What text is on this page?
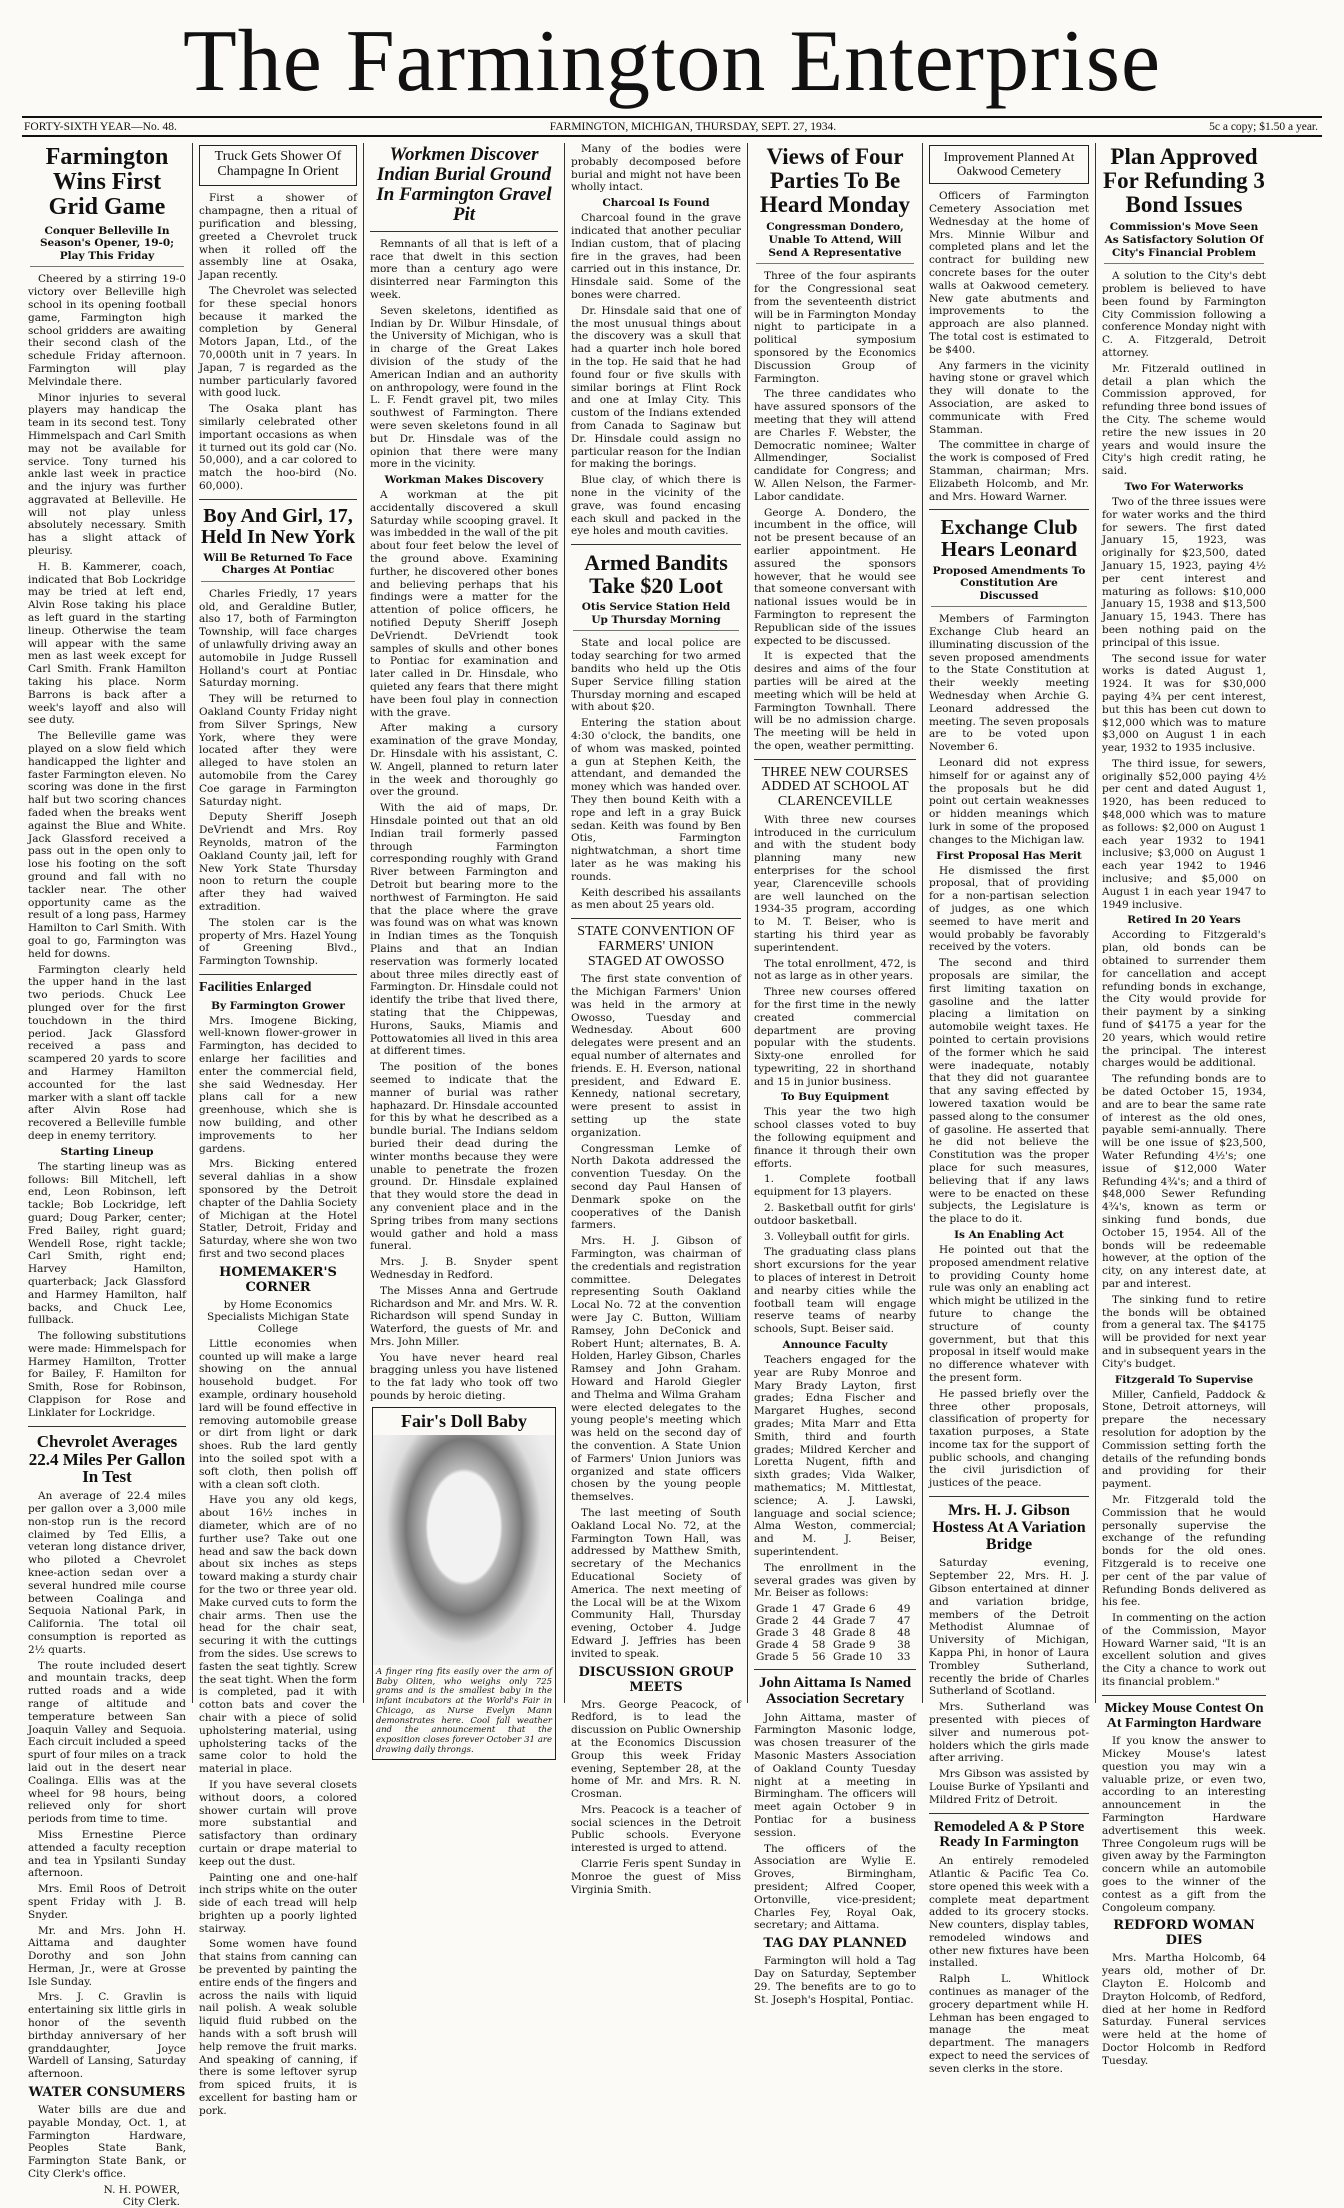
The Farmington Enterprise
FORTY-SIXTH YEAR—No. 48.	FARMINGTON, MICHIGAN, THURSDAY, SEPT. 27, 1934.	5c a copy; $1.50 a year.
Farmington Wins First Grid Game
Conquer Belleville In Season's Opener, 19-0; Play This Friday

Cheered by a stirring 19-0 victory over Belleville high school in its opening football game, Farmington high school gridders are awaiting their second clash of the schedule Friday afternoon. Farmington will play Melvindale there.

Minor injuries to several players may handicap the team in its second test. Tony Himmelspach and Carl Smith may not be available for service. Tony turned his ankle last week in practice and the injury was further aggravated at Belleville. He will not play unless absolutely necessary. Smith has a slight attack of pleurisy.

H. B. Kammerer, coach, indicated that Bob Lockridge may be tried at left end, Alvin Rose taking his place as left guard in the starting lineup. Otherwise the team will appear with the same men as last week except for Carl Smith. Frank Hamilton taking his place. Norm Barrons is back after a week's layoff and also will see duty.

The Belleville game was played on a slow field which handicapped the lighter and faster Farmington eleven. No scoring was done in the first half but two scoring chances faded when the breaks went against the Blue and White. Jack Glassford received a pass out in the open only to lose his footing on the soft ground and fall with no tackler near. The other opportunity came as the result of a long pass, Harmey Hamilton to Carl Smith. With goal to go, Farmington was held for downs.

Farmington clearly held the upper hand in the last two periods. Chuck Lee plunged over for the first touchdown in the third period. Jack Glassford received a pass and scampered 20 yards to score and Harmey Hamilton accounted for the last marker with a slant off tackle after Alvin Rose had recovered a Belleville fumble deep in enemy territory.

Starting Lineup

The starting lineup was as follows: Bill Mitchell, left end, Leon Robinson, left tackle; Bob Lockridge, left guard; Doug Parker, center; Fred Bailey, right guard; Wendell Rose, right tackle; Carl Smith, right end; Harvey Hamilton, quarterback; Jack Glassford and Harmey Hamilton, half backs, and Chuck Lee, fullback.

The following substitutions were made: Himmelspach for Harmey Hamilton, Trotter for Bailey, F. Hamilton for Smith, Rose for Robinson, Clappison for Rose and Linklater for Lockridge.

Chevrolet Averages 22.4 Miles Per Gallon In Test

An average of 22.4 miles per gallon over a 3,000 mile non-stop run is the record claimed by Ted Ellis, a veteran long distance driver, who piloted a Chevrolet knee-action sedan over a several hundred mile course between Coalinga and Sequoia National Park, in California. The total oil consumption is reported as 2½ quarts.

The route included desert and mountain tracks, deep rutted roads and a wide range of altitude and temperature between San Joaquin Valley and Sequoia. Each circuit included a speed spurt of four miles on a track laid out in the desert near Coalinga. Ellis was at the wheel for 98 hours, being relieved only for short periods from time to time.

Miss Ernestine Pierce attended a faculty reception and tea in Ypsilanti Sunday afternoon.

Mrs. Emil Roos of Detroit spent Friday with J. B. Snyder.

Mr. and Mrs. John H. Aittama and daughter Dorothy and son John Herman, Jr., were at Grosse Isle Sunday.

Mrs. J. C. Gravlin is entertaining six little girls in honor of the seventh birthday anniversary of her granddaughter, Joyce Wardell of Lansing, Saturday afternoon.

WATER CONSUMERS

Water bills are due and payable Monday, Oct. 1, at Farmington Hardware, Peoples State Bank, Farmington State Bank, or City Clerk's office.

N. H. POWER,
City Clerk.
Truck Gets Shower Of Champagne In Orient

First a shower of champagne, then a ritual of purification and blessing, greeted a Chevrolet truck when it rolled off the assembly line at Osaka, Japan recently.

The Chevrolet was selected for these special honors because it marked the completion by General Motors Japan, Ltd., of the 70,000th unit in 7 years. In Japan, 7 is regarded as the number particularly favored with good luck.

The Osaka plant has similarly celebrated other important occasions as when it turned out its gold car (No. 50,000), and a car colored to match the hoo-bird (No. 60,000).

Boy And Girl, 17, Held In New York
Will Be Returned To Face Charges At Pontiac

Charles Friedly, 17 years old, and Geraldine Butler, also 17, both of Farmington Township, will face charges of unlawfully driving away an automobile in Judge Russell Holland's court at Pontiac Saturday morning.

They will be returned to Oakland County Friday night from Silver Springs, New York, where they were located after they were alleged to have stolen an automobile from the Carey Coe garage in Farmington Saturday night.

Deputy Sheriff Joseph DeVriendt and Mrs. Roy Reynolds, matron of the Oakland County jail, left for New York State Thursday noon to return the couple after they had waived extradition.

The stolen car is the property of Mrs. Hazel Young of Greening Blvd., Farmington Township.

Facilities Enlarged
By Farmington Grower

Mrs. Imogene Bicking, well-known flower-grower in Farmington, has decided to enlarge her facilities and enter the commercial field, she said Wednesday. Her plans call for a new greenhouse, which she is now building, and other improvements to her gardens.

Mrs. Bicking entered several dahlias in a show sponsored by the Detroit chapter of the Dahlia Society of Michigan at the Hotel Statler, Detroit, Friday and Saturday, where she won two first and two second places

HOMEMAKER'S CORNER
by Home Economics Specialists Michigan State College

Little economies when counted up will make a large showing on the annual household budget. For example, ordinary household lard will be found effective in removing automobile grease or dirt from light or dark shoes. Rub the lard gently into the soiled spot with a soft cloth, then polish off with a clean soft cloth.

Have you any old kegs, about 16½ inches in diameter, which are of no further use? Take out one head and saw the back down about six inches as steps toward making a sturdy chair for the two or three year old. Make curved cuts to form the chair arms. Then use the head for the chair seat, securing it with the cuttings from the sides. Use screws to fasten the seat tightly. Screw the seat tight. When the form is completed, pad it with cotton bats and cover the chair with a piece of solid upholstering material, using upholstering tacks of the same color to hold the material in place.

If you have several closets without doors, a colored shower curtain will prove more substantial and satisfactory than ordinary curtain or drape material to keep out the dust.

Painting one and one-half inch strips white on the outer side of each tread will help brighten up a poorly lighted stairway.

Some women have found that stains from canning can be prevented by painting the entire ends of the fingers and across the nails with liquid nail polish. A weak soluble liquid fluid rubbed on the hands with a soft brush will help remove the fruit marks. And speaking of canning, if there is some leftover syrup from spiced fruits, it is excellent for basting ham or pork.

Workmen Discover Indian Burial Ground In Farmington Gravel Pit

Remnants of all that is left of a race that dwelt in this section more than a century ago were disinterred near Farmington this week.

Seven skeletons, identified as Indian by Dr. Wilbur Hinsdale, of the University of Michigan, who is in charge of the Great Lakes division of the study of the American Indian and an authority on anthropology, were found in the L. F. Fendt gravel pit, two miles southwest of Farmington. There were seven skeletons found in all but Dr. Hinsdale was of the opinion that there were many more in the vicinity.

Workman Makes Discovery

A workman at the pit accidentally discovered a skull Saturday while scooping gravel. It was imbedded in the wall of the pit about four feet below the level of the ground above. Examining further, he discovered other bones and believing perhaps that his findings were a matter for the attention of police officers, he notified Deputy Sheriff Joseph DeVriendt. DeVriendt took samples of skulls and other bones to Pontiac for examination and later called in Dr. Hinsdale, who quieted any fears that there might have been foul play in connection with the grave.

After making a cursory examination of the grave Monday, Dr. Hinsdale with his assistant, C. W. Angell, planned to return later in the week and thoroughly go over the ground.

With the aid of maps, Dr. Hinsdale pointed out that an old Indian trail formerly passed through Farmington corresponding roughly with Grand River between Farmington and Detroit but bearing more to the northwest of Farmington. He said that the place where the grave was found was on what was known in Indian times as the Tonquish Plains and that an Indian reservation was formerly located about three miles directly east of Farmington. Dr. Hinsdale could not identify the tribe that lived there, stating that the Chippewas, Hurons, Sauks, Miamis and Pottowatomies all lived in this area at different times.

The position of the bones seemed to indicate that the manner of burial was rather haphazard. Dr. Hinsdale accounted for this by what he described as a bundle burial. The Indians seldom buried their dead during the winter months because they were unable to penetrate the frozen ground. Dr. Hinsdale explained that they would store the dead in any convenient place and in the Spring tribes from many sections would gather and hold a mass funeral.

Mrs. J. B. Snyder spent Wednesday in Redford.

The Misses Anna and Gertrude Richardson and Mr. and Mrs. W. R. Richardson will spend Sunday in Waterford, the guests of Mr. and Mrs. John Miller.

You have never heard real bragging unless you have listened to the fat lady who took off two pounds by heroic dieting.

Fair's Doll Baby
A finger ring fits easily over the arm of Baby Oliten, who weighs only 725 grams and is the smallest baby in the infant incubators at the World's Fair in Chicago, as Nurse Evelyn Mann demonstrates here. Cool fall weather and the announcement that the exposition closes forever October 31 are drawing daily throngs.

Many of the bodies were probably decomposed before burial and might not have been wholly intact.

Charcoal Is Found

Charcoal found in the grave indicated that another peculiar Indian custom, that of placing fire in the graves, had been carried out in this instance, Dr. Hinsdale said. Some of the bones were charred.

Dr. Hinsdale said that one of the most unusual things about the discovery was a skull that had a quarter inch hole bored in the top. He said that he had found four or five skulls with similar borings at Flint Rock and one at Imlay City. This custom of the Indians extended from Canada to Saginaw but Dr. Hinsdale could assign no particular reason for the Indian for making the borings.

Blue clay, of which there is none in the vicinity of the grave, was found encasing each skull and packed in the eye holes and mouth cavities.

Armed Bandits Take $20 Loot
Otis Service Station Held Up Thursday Morning

State and local police are today searching for two armed bandits who held up the Otis Super Service filling station Thursday morning and escaped with about $20.

Entering the station about 4:30 o'clock, the bandits, one of whom was masked, pointed a gun at Stephen Keith, the attendant, and demanded the money which was handed over. They then bound Keith with a rope and left in a gray Buick sedan. Keith was found by Ben Otis, Farmington nightwatchman, a short time later as he was making his rounds.

Keith described his assailants as men about 25 years old.

STATE CONVENTION OF FARMERS' UNION STAGED AT OWOSSO

The first state convention of the Michigan Farmers' Union was held in the armory at Owosso, Tuesday and Wednesday. About 600 delegates were present and an equal number of alternates and friends. E. H. Everson, national president, and Edward E. Kennedy, national secretary, were present to assist in setting up the state organization.

Congressman Lemke of North Dakota addressed the convention Tuesday. On the second day Paul Hansen of Denmark spoke on the cooperatives of the Danish farmers.

Mrs. H. J. Gibson of Farmington, was chairman of the credentials and registration committee. Delegates representing South Oakland Local No. 72 at the convention were Jay C. Button, William Ramsey, John DeConick and Robert Hunt; alternates, B. A. Holden, Harley Gibson, Charles Ramsey and John Graham. Howard and Harold Giegler and Thelma and Wilma Graham were elected delegates to the young people's meeting which was held on the second day of the convention. A State Union of Farmers' Union Juniors was organized and state officers chosen by the young people themselves.

The last meeting of South Oakland Local No. 72, at the Farmington Town Hall, was addressed by Matthew Smith, secretary of the Mechanics Educational Society of America. The next meeting of the Local will be at the Wixom Community Hall, Thursday evening, October 4. Judge Edward J. Jeffries has been invited to speak.

DISCUSSION GROUP MEETS

Mrs. George Peacock, of Redford, is to lead the discussion on Public Ownership at the Economics Discussion Group this week Friday evening, September 28, at the home of Mr. and Mrs. R. N. Crosman.

Mrs. Peacock is a teacher of social sciences in the Detroit Public schools. Everyone interested is urged to attend.

Clarrie Feris spent Sunday in Monroe the guest of Miss Virginia Smith.

Views of Four Parties To Be Heard Monday
Congressman Dondero, Unable To Attend, Will Send A Representative

Three of the four aspirants for the Congressional seat from the seventeenth district will be in Farmington Monday night to participate in a political symposium sponsored by the Economics Discussion Group of Farmington.

The three candidates who have assured sponsors of the meeting that they will attend are Charles F. Webster, the Democratic nominee; Walter Allmendinger, Socialist candidate for Congress; and W. Allen Nelson, the Farmer-Labor candidate.

George A. Dondero, the incumbent in the office, will not be present because of an earlier appointment. He assured the sponsors however, that he would see that someone conversant with national issues would be in Farmington to represent the Republican side of the issues expected to be discussed.

It is expected that the desires and aims of the four parties will be aired at the meeting which will be held at Farmington Townhall. There will be no admission charge. The meeting will be held in the open, weather permitting.

THREE NEW COURSES ADDED AT SCHOOL AT CLARENCEVILLE

With three new courses introduced in the curriculum and with the student body planning many new enterprises for the school year, Clarenceville schools are well launched on the 1934-35 program, according to M. T. Beiser, who is starting his third year as superintendent.

The total enrollment, 472, is not as large as in other years.

Three new courses offered for the first time in the newly created commercial department are proving popular with the students. Sixty-one enrolled for typewriting, 22 in shorthand and 15 in junior business.

To Buy Equipment

This year the two high school classes voted to buy the following equipment and finance it through their own efforts.

1. Complete football equipment for 13 players.

2. Basketball outfit for girls' outdoor basketball.

3. Volleyball outfit for girls.

The graduating class plans short excursions for the year to places of interest in Detroit and nearby cities while the football team will engage reserve teams of nearby schools, Supt. Beiser said.

Announce Faculty

Teachers engaged for the year are Ruby Monroe and Mary Brady Layton, first grades; Edna Fischer and Margaret Hughes, second grades; Mita Marr and Etta Smith, third and fourth grades; Mildred Kercher and Loretta Nugent, fifth and sixth grades; Vida Walker, mathematics; M. Mittlestat, science; A. J. Lawski, language and social science; Alma Weston, commercial; and M. J. Beiser, superintendent.

The enrollment in the several grades was given by Mr. Beiser as follows:

Grade 1	47	Grade 6	49
Grade 2	44	Grade 7	47
Grade 3	48	Grade 8	48
Grade 4	58	Grade 9	38
Grade 5	56	Grade 10	33
John Aittama Is Named Association Secretary

John Aittama, master of Farmington Masonic lodge, was chosen treasurer of the Masonic Masters Association of Oakland County Tuesday night at a meeting in Birmingham. The officers will meet again October 9 in Pontiac for a business session.

The officers of the Association are Wylie E. Groves, Birmingham, president; Alfred Cooper, Ortonville, vice-president; Charles Fey, Royal Oak, secretary; and Aittama.

TAG DAY PLANNED

Farmington will hold a Tag Day on Saturday, September 29. The benefits are to go to St. Joseph's Hospital, Pontiac.

Improvement Planned At Oakwood Cemetery

Officers of Farmington Cemetery Association met Wednesday at the home of Mrs. Minnie Wilbur and completed plans and let the contract for building new concrete bases for the outer walls at Oakwood cemetery. New gate abutments and improvements to the approach are also planned. The total cost is estimated to be $400.

Any farmers in the vicinity having stone or gravel which they will donate to the Association, are asked to communicate with Fred Stamman.

The committee in charge of the work is composed of Fred Stamman, chairman; Mrs. Elizabeth Holcomb, and Mr. and Mrs. Howard Warner.

Exchange Club Hears Leonard
Proposed Amendments To Constitution Are Discussed

Members of Farmington Exchange Club heard an illuminating discussion of the seven proposed amendments to the State Constitution at their weekly meeting Wednesday when Archie G. Leonard addressed the meeting. The seven proposals are to be voted upon November 6.

Leonard did not express himself for or against any of the proposals but he did point out certain weaknesses or hidden meanings which lurk in some of the proposed changes to the Michigan law.

First Proposal Has Merit

He dismissed the first proposal, that of providing for a non-partisan selection of judges, as one which seemed to have merit and would probably be favorably received by the voters.

The second and third proposals are similar, the first limiting taxation on gasoline and the latter placing a limitation on automobile weight taxes. He pointed to certain provisions of the former which he said were inadequate, notably that they did not guarantee that any saving effected by lowered taxation would be passed along to the consumer of gasoline. He asserted that he did not believe the Constitution was the proper place for such measures, believing that if any laws were to be enacted on these subjects, the Legislature is the place to do it.

Is An Enabling Act

He pointed out that the proposed amendment relative to providing County home rule was only an enabling act which might be utilized in the future to change the structure of county government, but that this proposal in itself would make no difference whatever with the present form.

He passed briefly over the three other proposals, classification of property for taxation purposes, a State income tax for the support of public schools, and changing the civil jurisdiction of justices of the peace.

Mrs. H. J. Gibson Hostess At A Variation Bridge

Saturday evening, September 22, Mrs. H. J. Gibson entertained at dinner and variation bridge, members of the Detroit Methodist Alumnae of University of Michigan, Kappa Phi, in honor of Laura Trombley Sutherland, recently the bride of Charles Sutherland of Scotland.

Mrs. Sutherland was presented with pieces of silver and numerous pot-holders which the girls made after arriving.

Mrs Gibson was assisted by Louise Burke of Ypsilanti and Mildred Fritz of Detroit.

Remodeled A & P Store Ready In Farmington

An entirely remodeled Atlantic & Pacific Tea Co. store opened this week with a complete meat department added to its grocery stocks. New counters, display tables, remodeled windows and other new fixtures have been installed.

Ralph L. Whitlock continues as manager of the grocery department while H. Lehman has been engaged to manage the meat department. The managers expect to need the services of seven clerks in the store.

Plan Approved For Refunding 3 Bond Issues
Commission's Move Seen As Satisfactory Solution Of City's Financial Problem

A solution to the City's debt problem is believed to have been found by Farmington City Commission following a conference Monday night with C. A. Fitzgerald, Detroit attorney.

Mr. Fitzerald outlined in detail a plan which the Commission approved, for refunding three bond issues of the City. The scheme would retire the new issues in 20 years and would insure the City's high credit rating, he said.

Two For Waterworks

Two of the three issues were for water works and the third for sewers. The first dated January 15, 1923, was originally for $23,500, dated January 15, 1923, paying 4½ per cent interest and maturing as follows: $10,000 January 15, 1938 and $13,500 January 15, 1943. There has been nothing paid on the principal of this issue.

The second issue for water works is dated August 1, 1924. It was for $30,000 paying 4¾ per cent interest, but this has been cut down to $12,000 which was to mature $3,000 on August 1 in each year, 1932 to 1935 inclusive.

The third issue, for sewers, originally $52,000 paying 4½ per cent and dated August 1, 1920, has been reduced to $48,000 which was to mature as follows: $2,000 on August 1 each year 1932 to 1941 inclusive; $3,000 on August 1 each year 1942 to 1946 inclusive; and $5,000 on August 1 in each year 1947 to 1949 inclusive.

Retired In 20 Years

According to Fitzgerald's plan, old bonds can be obtained to surrender them for cancellation and accept refunding bonds in exchange, the City would provide for their payment by a sinking fund of $4175 a year for the 20 years, which would retire the principal. The interest charges would be additional.

The refunding bonds are to be dated October 15, 1934, and are to bear the same rate of interest as the old ones, payable semi-annually. There will be one issue of $23,500, Water Refunding 4½'s; one issue of $12,000 Water Refunding 4¾'s; and a third of $48,000 Sewer Refunding 4¾'s, known as term or sinking fund bonds, due October 15, 1954. All of the bonds will be redeemable however, at the option of the city, on any interest date, at par and interest.

The sinking fund to retire the bonds will be obtained from a general tax. The $4175 will be provided for next year and in subsequent years in the City's budget.

Fitzgerald To Supervise

Miller, Canfield, Paddock & Stone, Detroit attorneys, will prepare the necessary resolution for adoption by the Commission setting forth the details of the refunding bonds and providing for their payment.

Mr. Fitzgerald told the Commission that he would personally supervise the exchange of the refunding bonds for the old ones. Fitzgerald is to receive one per cent of the par value of Refunding Bonds delivered as his fee.

In commenting on the action of the Commission, Mayor Howard Warner said, "It is an excellent solution and gives the City a chance to work out its financial problem."

Mickey Mouse Contest On At Farmington Hardware

If you know the answer to Mickey Mouse's latest question you may win a valuable prize, or even two, according to an interesting announcement in the Farmington Hardware advertisement this week. Three Congoleum rugs will be given away by the Farmington concern while an automobile goes to the winner of the contest as a gift from the Congoleum company.

REDFORD WOMAN DIES

Mrs. Martha Holcomb, 64 years old, mother of Dr. Clayton E. Holcomb and Drayton Holcomb, of Redford, died at her home in Redford Saturday. Funeral services were held at the home of Doctor Holcomb in Redford Tuesday.
